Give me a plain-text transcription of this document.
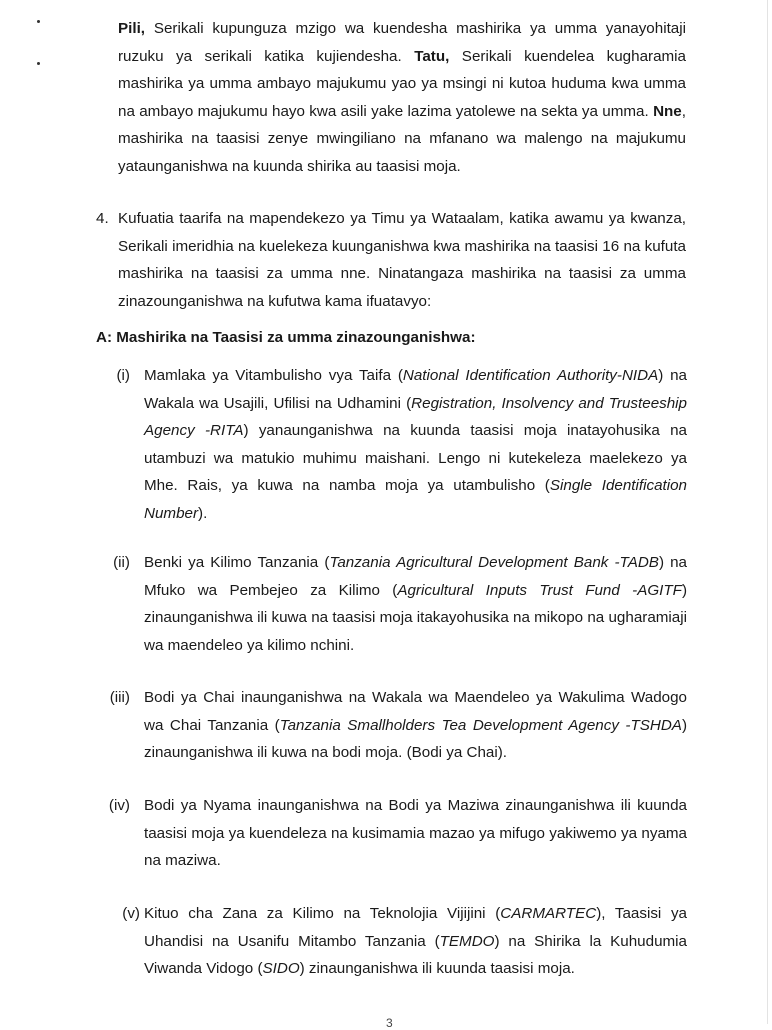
Pili, Serikali kupunguza mzigo wa kuendesha mashirika ya umma yanayohitaji ruzuku ya serikali katika kujiendesha. Tatu, Serikali kuendelea kugharamia mashirika ya umma ambayo majukumu yao ya msingi ni kutoa huduma kwa umma na ambayo majukumu hayo kwa asili yake lazima yatolewe na sekta ya umma. Nne, mashirika na taasisi zenye mwingiliano na mfanano wa malengo na majukumu yataunganishwa na kuunda shirika au taasisi moja.
4. Kufuatia taarifa na mapendekezo ya Timu ya Wataalam, katika awamu ya kwanza, Serikali imeridhia na kuelekeza kuunganishwa kwa mashirika na taasisi 16 na kufuta mashirika na taasisi za umma nne. Ninatangaza mashirika na taasisi za umma zinazounganishwa na kufutwa kama ifuatavyo:
A: Mashirika na Taasisi za umma zinazounganishwa:
(i) Mamlaka ya Vitambulisho vya Taifa (National Identification Authority-NIDA) na Wakala wa Usajili, Ufilisi na Udhamini (Registration, Insolvency and Trusteeship Agency -RITA) yanaunganishwa na kuunda taasisi moja inatayohusika na utambuzi wa matukio muhimu maishani. Lengo ni kutekeleza maelekezo ya Mhe. Rais, ya kuwa na namba moja ya utambulisho (Single Identification Number).
(ii) Benki ya Kilimo Tanzania (Tanzania Agricultural Development Bank -TADB) na Mfuko wa Pembejeo za Kilimo (Agricultural Inputs Trust Fund -AGITF) zinaunganishwa ili kuwa na taasisi moja itakayohusika na mikopo na ugharamiaji wa maendeleo ya kilimo nchini.
(iii) Bodi ya Chai inaunganishwa na Wakala wa Maendeleo ya Wakulima Wadogo wa Chai Tanzania (Tanzania Smallholders Tea Development Agency -TSHDA) zinaunganishwa ili kuwa na bodi moja. (Bodi ya Chai).
(iv) Bodi ya Nyama inaunganishwa na Bodi ya Maziwa zinaunganishwa ili kuunda taasisi moja ya kuendeleza na kusimamia mazao ya mifugo yakiwemo ya nyama na maziwa.
(v) Kituo cha Zana za Kilimo na Teknolojia Vijijini (CARMARTEC), Taasisi ya Uhandisi na Usanifu Mitambo Tanzania (TEMDO) na Shirika la Kuhudumia Viwanda Vidogo (SIDO) zinaunganishwa ili kuunda taasisi moja.
3
